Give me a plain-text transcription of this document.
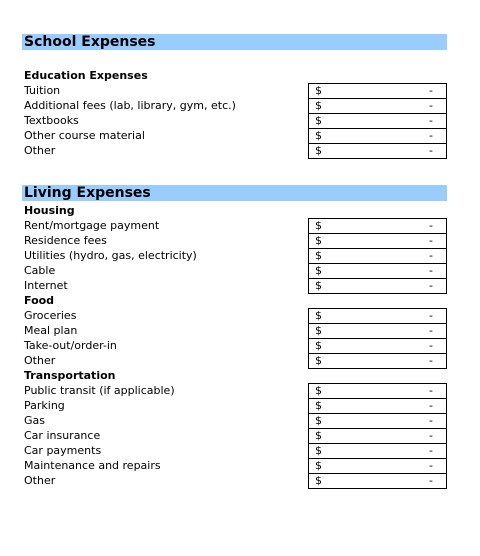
School Expenses
Education Expenses
Tuition	$	-
Additional fees (lab, library, gym, etc.)	$	-
Textbooks	$	-
Other course material	$	-
Other	$	-
Living Expenses
Housing
Rent/mortgage payment	$	-
Residence fees	$	-
Utilities (hydro, gas, electricity)	$	-
Cable	$	-
Internet	$	-
Food
Groceries	$	-
Meal plan	$	-
Take-out/order-in	$	-
Other	$	-
Transportation
Public transit (if applicable)	$	-
Parking	$	-
Gas	$	-
Car insurance	$	-
Car payments	$	-
Maintenance and repairs	$	-
Other	$	-
